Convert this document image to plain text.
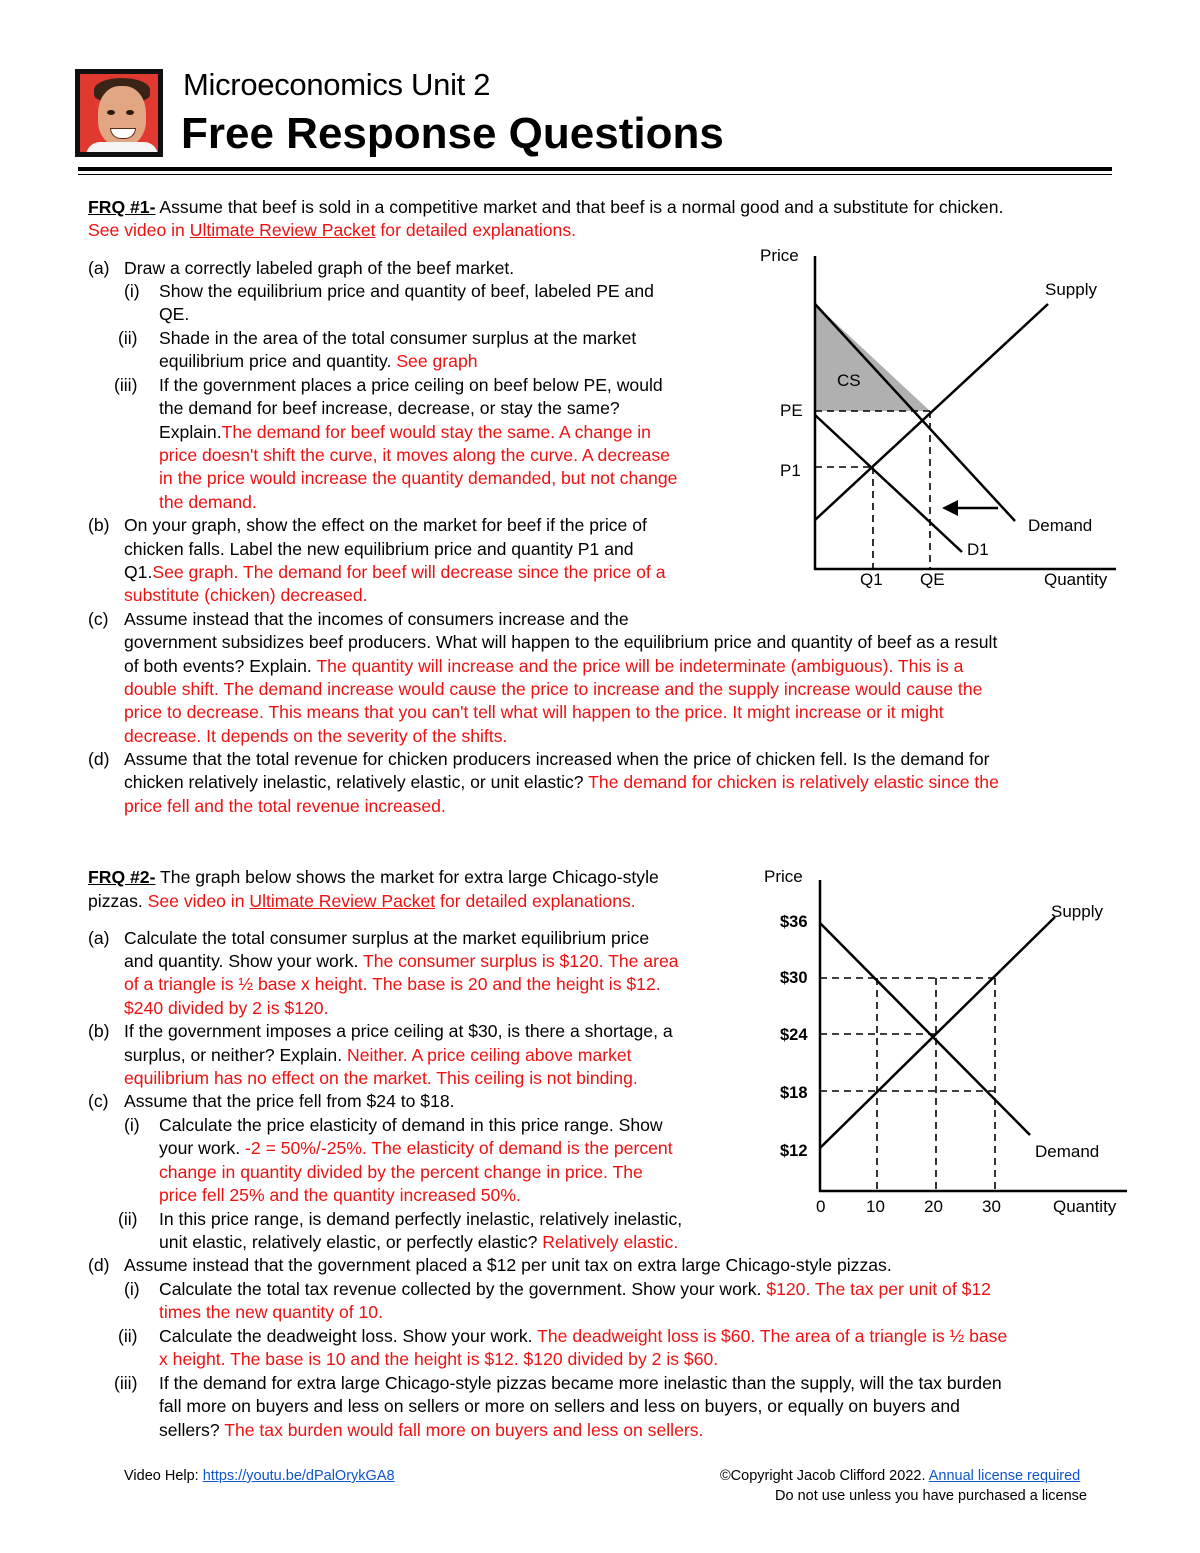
Microeconomics Unit 2
Free Response Questions
FRQ #1- Assume that beef is sold in a competitive market and that beef is a normal good and a substitute for chicken.
See video in Ultimate Review Packet for detailed explanations.
(a) Draw a correctly labeled graph of the beef market.
(i) Show the equilibrium price and quantity of beef, labeled PE and
QE.
(ii) Shade in the area of the total consumer surplus at the market
equilibrium price and quantity. See graph
(iii) If the government places a price ceiling on beef below PE, would
the demand for beef increase, decrease, or stay the same?
Explain.The demand for beef would stay the same. A change in
price doesn't shift the curve, it moves along the curve. A decrease
in the price would increase the quantity demanded, but not change
the demand.
(b) On your graph, show the effect on the market for beef if the price of
chicken falls. Label the new equilibrium price and quantity P1 and
Q1.See graph. The demand for beef will decrease since the price of a
substitute (chicken) decreased.
(c) Assume instead that the incomes of consumers increase and the
government subsidizes beef producers. What will happen to the equilibrium price and quantity of beef as a result
of both events? Explain. The quantity will increase and the price will be indeterminate (ambiguous). This is a
double shift. The demand increase would cause the price to increase and the supply increase would cause the
price to decrease. This means that you can't tell what will happen to the price. It might increase or it might
decrease. It depends on the severity of the shifts.
(d) Assume that the total revenue for chicken producers increased when the price of chicken fell. Is the demand for
chicken relatively inelastic, relatively elastic, or unit elastic? The demand for chicken is relatively elastic since the
price fell and the total revenue increased.
Price
Supply
Demand
D1
CS
PE
P1
Q1 QE	Quantity
FRQ #2- The graph below shows the market for extra large Chicago-style
pizzas. See video in Ultimate Review Packet for detailed explanations.
(a) Calculate the total consumer surplus at the market equilibrium price
and quantity. Show your work. The consumer surplus is $120. The area
of a triangle is ½ base x height. The base is 20 and the height is $12.
$240 divided by 2 is $120.
(b) If the government imposes a price ceiling at $30, is there a shortage, a
surplus, or neither? Explain. Neither. A price ceiling above market
equilibrium has no effect on the market. This ceiling is not binding.
(c) Assume that the price fell from $24 to $18.
(i) Calculate the price elasticity of demand in this price range. Show
your work. -2 = 50%/-25%. The elasticity of demand is the percent
change in quantity divided by the percent change in price. The
price fell 25% and the quantity increased 50%.
(ii) In this price range, is demand perfectly inelastic, relatively inelastic,
unit elastic, relatively elastic, or perfectly elastic? Relatively elastic.
(d) Assume instead that the government placed a $12 per unit tax on extra large Chicago-style pizzas.
(i) Calculate the total tax revenue collected by the government. Show your work. $120. The tax per unit of $12
times the new quantity of 10.
(ii) Calculate the deadweight loss. Show your work. The deadweight loss is $60. The area of a triangle is ½ base
x height. The base is 10 and the height is $12. $120 divided by 2 is $60.
(iii) If the demand for extra large Chicago-style pizzas became more inelastic than the supply, will the tax burden
fall more on buyers and less on sellers or more on sellers and less on buyers, or equally on buyers and
sellers? The tax burden would fall more on buyers and less on sellers.
Price
Supply
Demand
$36
$30
$24
$18
$12
0 10 20 30	Quantity
Video Help: https://youtu.be/dPalOrykGA8	©Copyright Jacob Clifford 2022. Annual license required
Do not use unless you have purchased a license
